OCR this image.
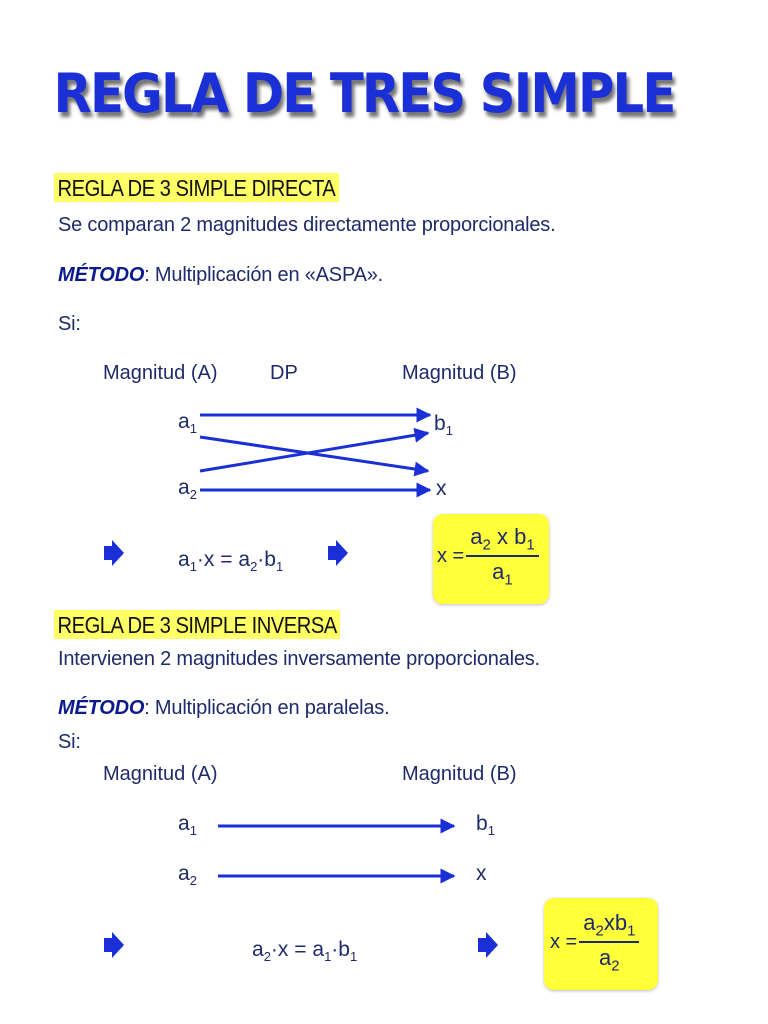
REGLA DE TRES SIMPLE
REGLA DE 3 SIMPLE DIRECTA
Se comparan 2 magnitudes directamente proporcionales.
MÉTODO: Multiplicación en «ASPA».
Si:
Magnitud (A)	DP	Magnitud (B)
$a_1$
$a_2$
$b_1$
x
$a_1\cdot x = a_2\cdot b_1$	$x = \frac{a_2 x b_1}{a_1}$
REGLA DE 3 SIMPLE INVERSA
Intervienen 2 magnitudes inversamente proporcionales.
MÉTODO: Multiplicación en paralelas.
Si:
Magnitud (A)	Magnitud (B)
$a_1$
$a_2$
$b_1$
x
$a_2\cdot x = a_1\cdot b_1$
$x = \frac{a_2xb_1}{a_2}$
